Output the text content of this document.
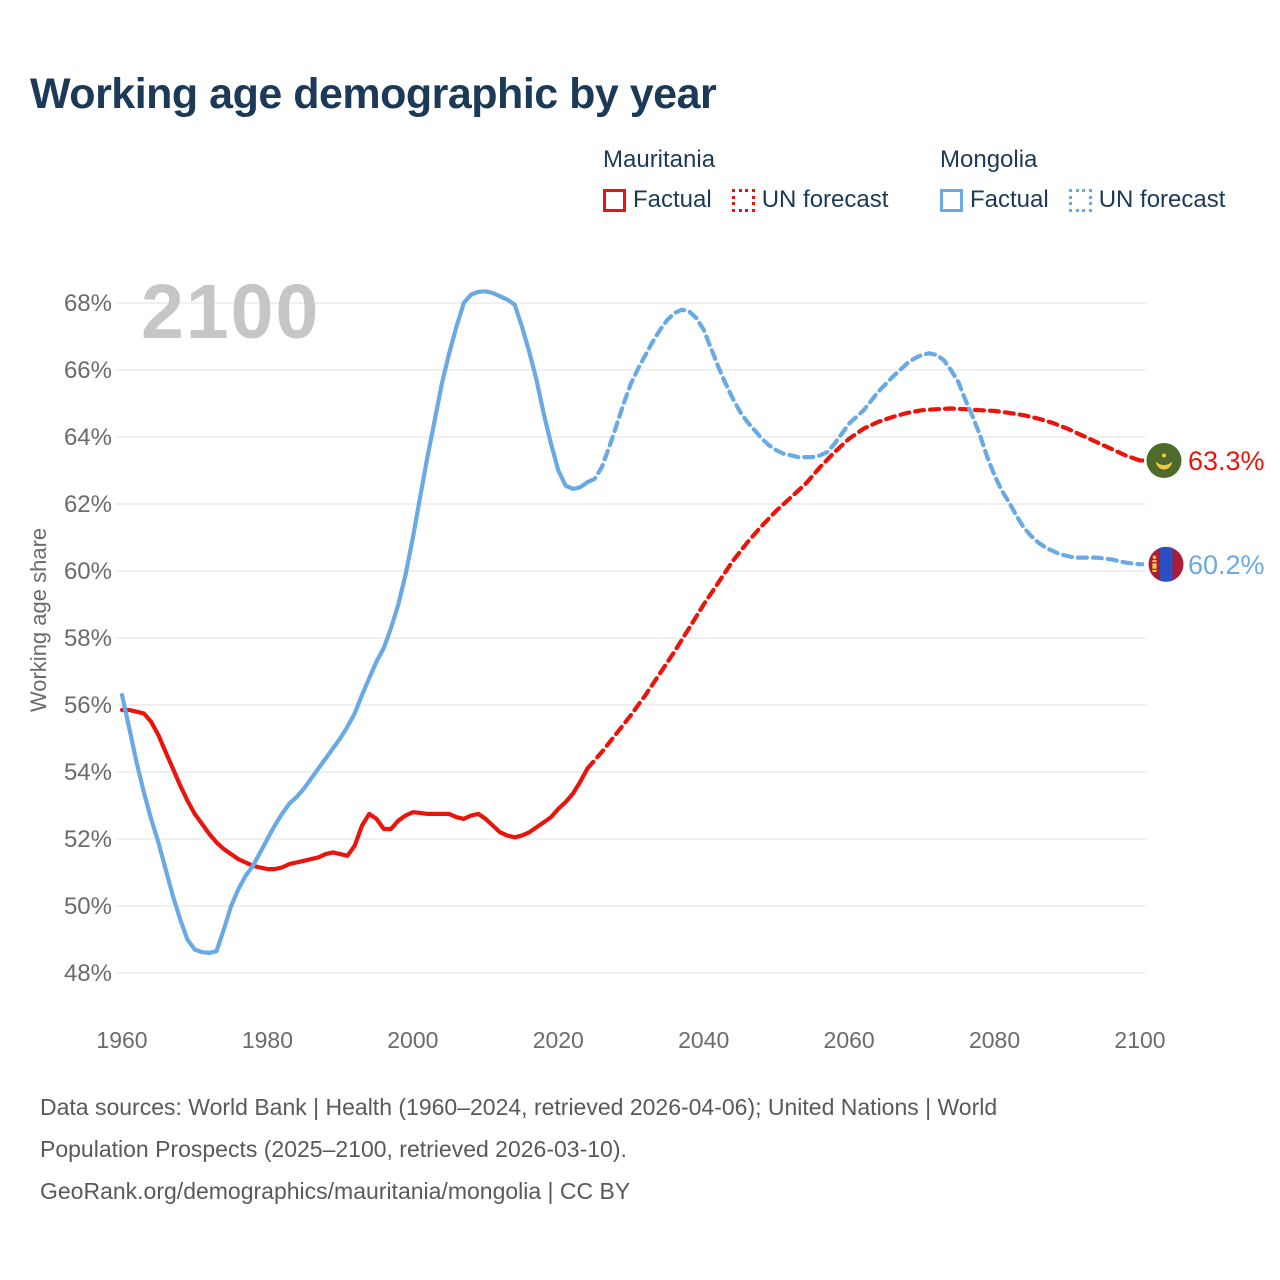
Working age demographic by year
Mauritania
Factual UN forecast
Mongolia
Factual UN forecast
2100
48%
50%
52%
54%
56%
58%
60%
62%
64%
66%
68%
1960	1980	2000	2020	2040	2060	2080	2100
Working age share
63.3%
60.2%
Data sources: World Bank | Health (1960–2024, retrieved 2026-04-06); United Nations | World
Population Prospects (2025–2100, retrieved 2026-03-10).
GeoRank.org/demographics/mauritania/mongolia | CC BY
